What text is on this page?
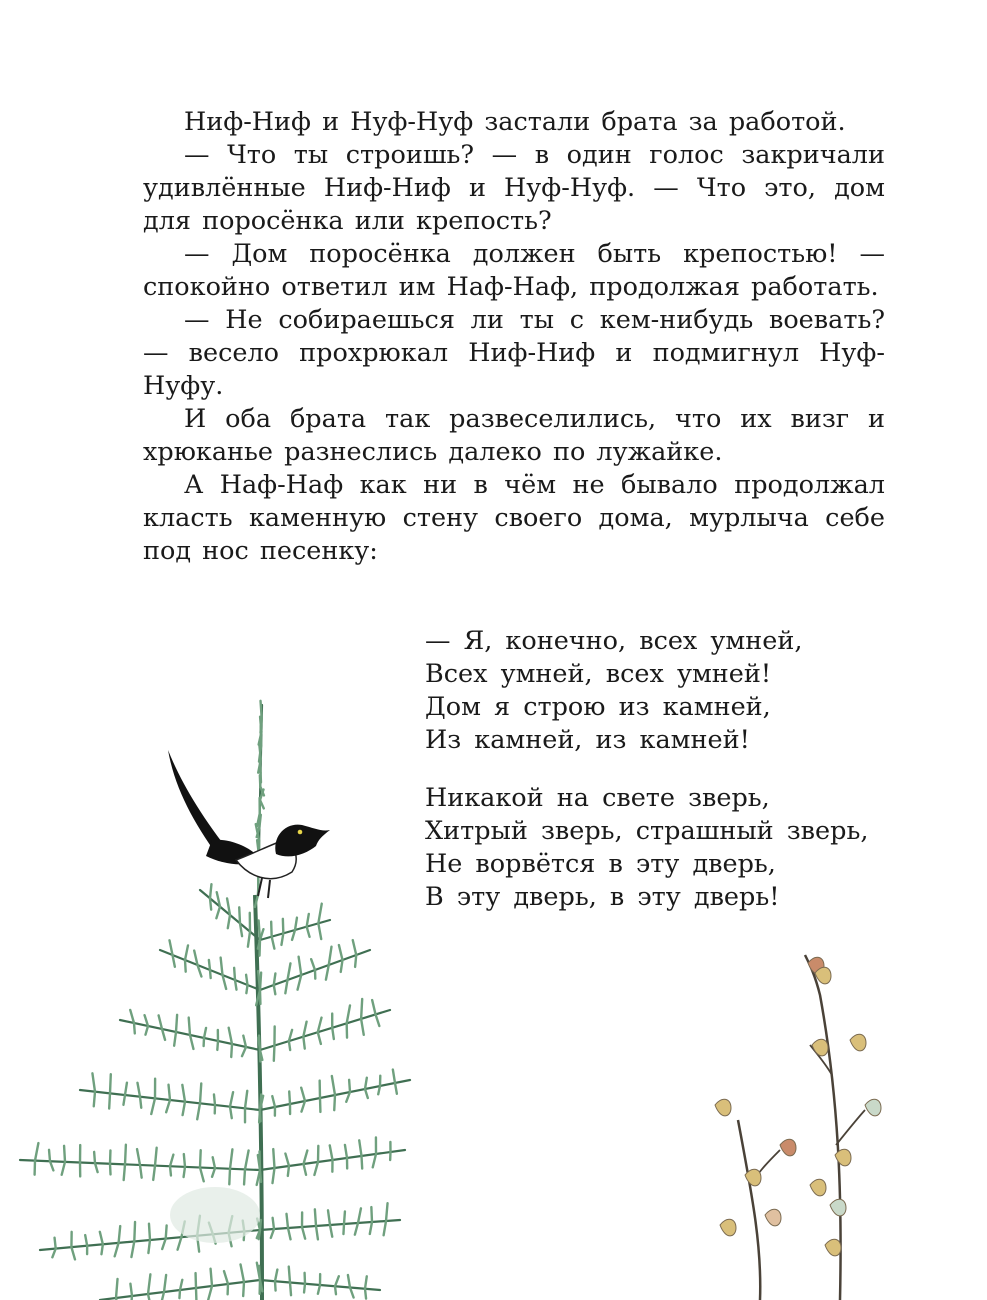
Ниф-Ниф и Нуф-Нуф застали брата за работой.

— Что ты строишь? — в один голос закричали удивлённые Ниф-Ниф и Нуф-Нуф. — Что это, дом для поросёнка или крепость?

— Дом поросёнка должен быть крепостью! — спокойно ответил им Наф-Наф, продолжая работать.

— Не собираешься ли ты с кем-нибудь воевать? — весело прохрюкал Ниф-Ниф и подмигнул Нуф-Нуфу.

И оба брата так развеселились, что их визг и хрюканье разнеслись далеко по лужайке.

А Наф-Наф как ни в чём не бывало продолжал класть каменную стену своего дома, мурлыча себе под нос песенку:

— Я, конечно, всех умней,
Всех умней, всех умней!
Дом я строю из камней,
Из камней, из камней!
Никакой на свете зверь,
Хитрый зверь, страшный зверь,
Не ворвётся в эту дверь,
В эту дверь, в эту дверь!
